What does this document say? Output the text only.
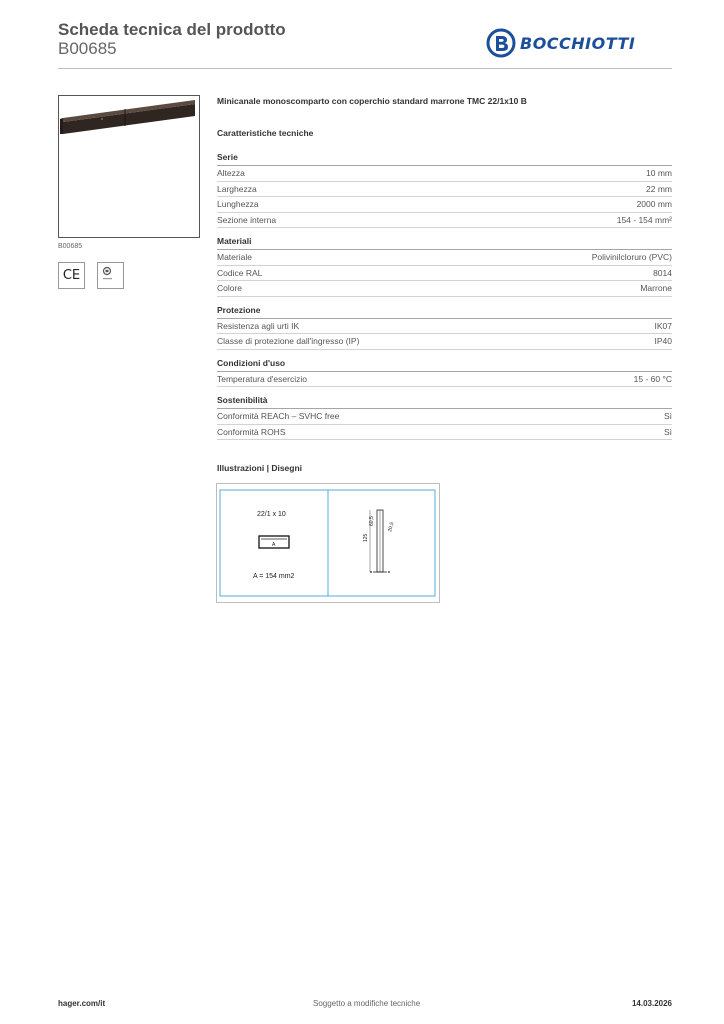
Scheda tecnica del prodotto
B00685	BOCCHIOTTI
B00685
CE
Minicanale monoscomparto con coperchio standard marrone TMC 22/1x10 B
Caratteristiche tecniche
Serie
Altezza	10 mm
Larghezza	22 mm
Lunghezza	2000 mm
Sezione interna	154 - 154 mm²
Materiali
Materiale	Polivinilcloruro (PVC)
Codice RAL	8014
Colore	Marrone
Protezione
Resistenza agli urti IK	IK07
Classe di protezione dall'ingresso (IP)	IP40
Condizioni d'uso
Temperatura d'esercizio	15 - 60 °C
Sostenibilità
Conformità REACh – SVHC free	Sì
Conformità ROHS	Sì
Illustrazioni | Disegni
22/1 x 10
A
A = 154 mm2
125
60,5
20,5
hager.com/it	Soggetto a modifiche tecniche	14.03.2026
